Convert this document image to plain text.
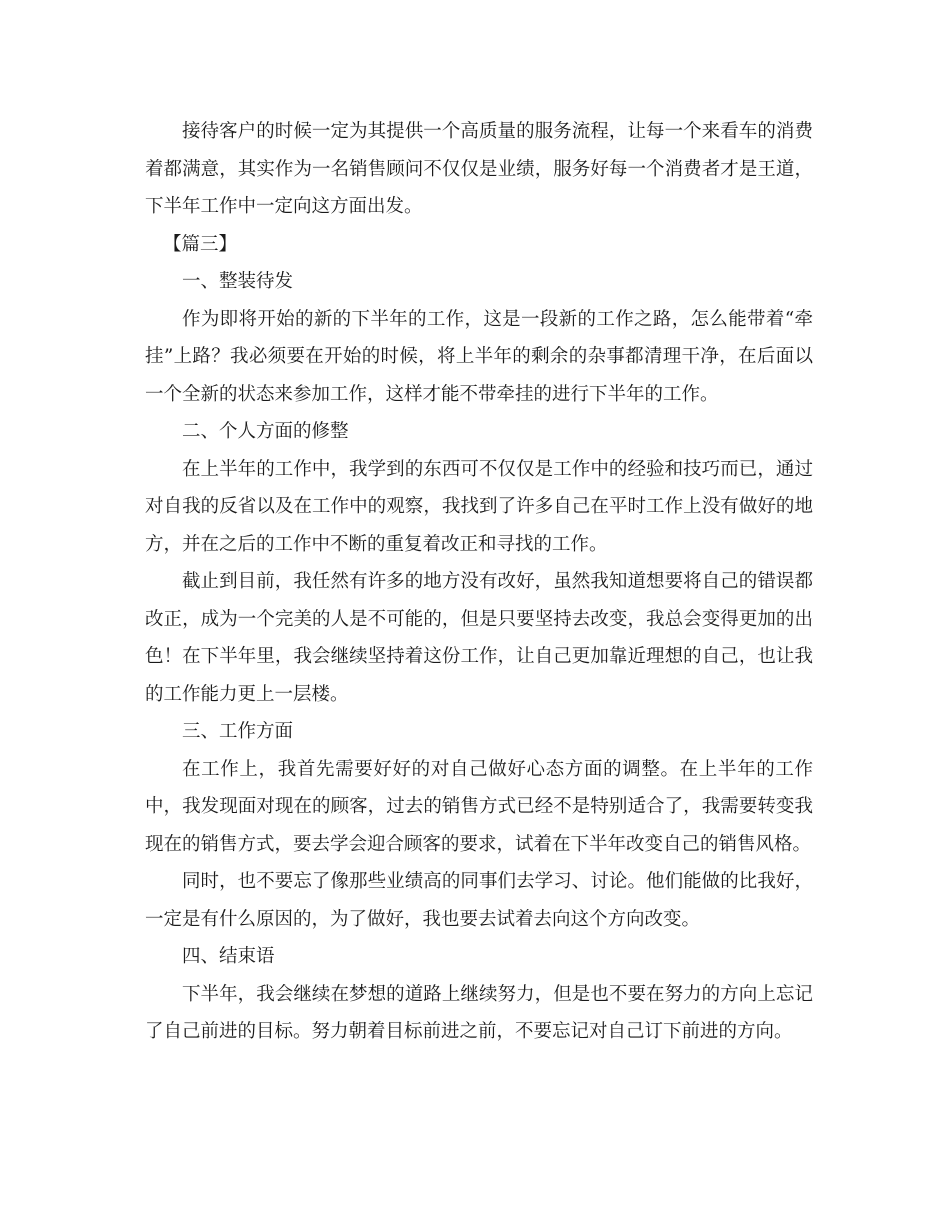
接待客户的时候一定为其提供一个高质量的服务流程，让每一个来看车的消费着都满意，其实作为一名销售顾问不仅仅是业绩，服务好每一个消费者才是王道，下半年工作中一定向这方面出发。

【篇三】

一、整装待发

作为即将开始的新的下半年的工作，这是一段新的工作之路，怎么能带着“牵挂”上路？我必须要在开始的时候，将上半年的剩余的杂事都清理干净，在后面以一个全新的状态来参加工作，这样才能不带牵挂的进行下半年的工作。

二、个人方面的修整

在上半年的工作中，我学到的东西可不仅仅是工作中的经验和技巧而已，通过对自我的反省以及在工作中的观察，我找到了许多自己在平时工作上没有做好的地方，并在之后的工作中不断的重复着改正和寻找的工作。

截止到目前，我任然有许多的地方没有改好，虽然我知道想要将自己的错误都改正，成为一个完美的人是不可能的，但是只要坚持去改变，我总会变得更加的出色！在下半年里，我会继续坚持着这份工作，让自己更加靠近理想的自己，也让我的工作能力更上一层楼。

三、工作方面

在工作上，我首先需要好好的对自己做好心态方面的调整。在上半年的工作中，我发现面对现在的顾客，过去的销售方式已经不是特别适合了，我需要转变我现在的销售方式，要去学会迎合顾客的要求，试着在下半年改变自己的销售风格。

同时，也不要忘了像那些业绩高的同事们去学习、讨论。他们能做的比我好，一定是有什么原因的，为了做好，我也要去试着去向这个方向改变。

四、结束语

下半年，我会继续在梦想的道路上继续努力，但是也不要在努力的方向上忘记了自己前进的目标。努力朝着目标前进之前，不要忘记对自己订下前进的方向。
